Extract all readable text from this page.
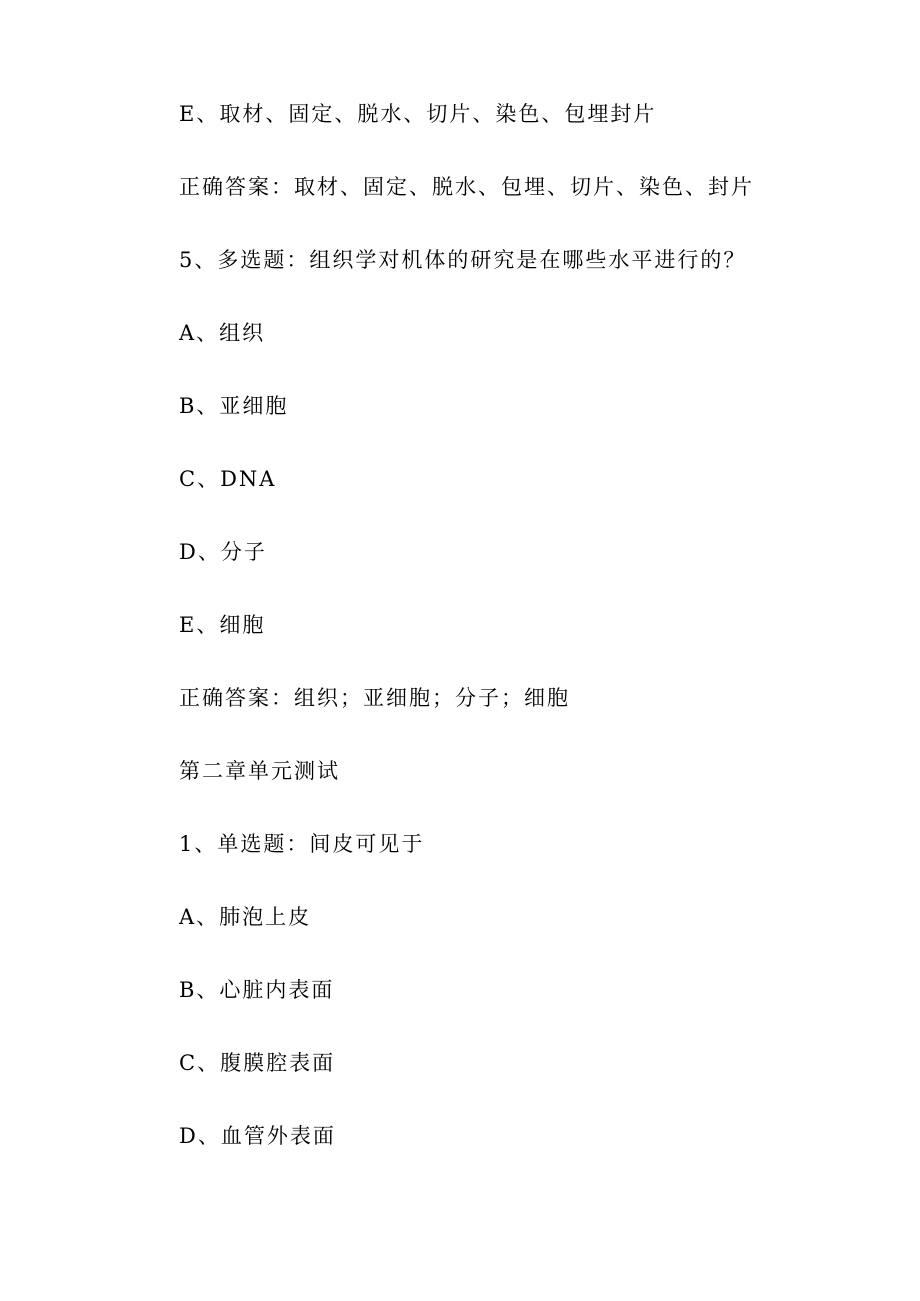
E、取材、固定、脱水、切片、染色、包埋封片
正确答案：取材、固定、脱水、包埋、切片、染色、封片
5、多选题：组织学对机体的研究是在哪些水平进行的？
A、组织
B、亚细胞
C、DNA
D、分子
E、细胞
正确答案：组织；亚细胞；分子；细胞
第二章单元测试
1、单选题：间皮可见于
A、肺泡上皮
B、心脏内表面
C、腹膜腔表面
D、血管外表面
